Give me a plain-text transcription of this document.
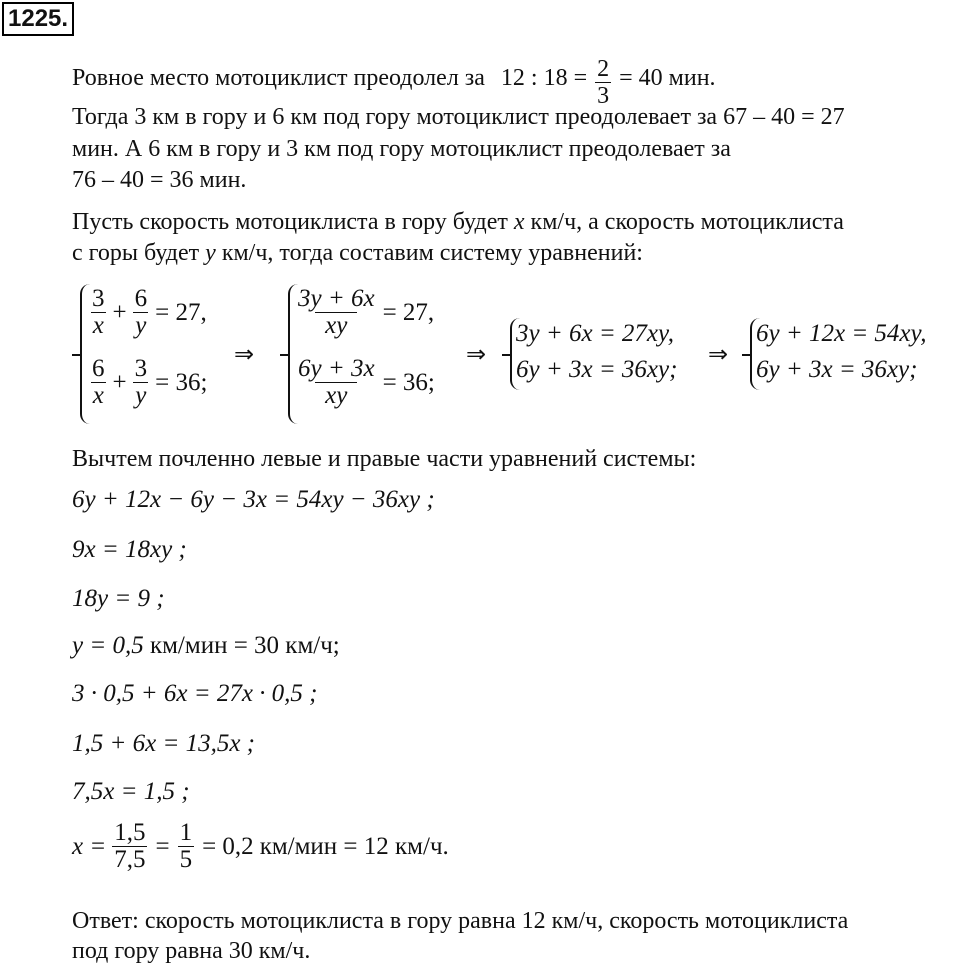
1225.
Ровное место мотоциклист преодолел за 12 : $18 = \frac{2}{3} = 40$ мин.
Тогда 3 км в гору и 6 км под гору мотоциклист преодолевает за 67 – 40 = 27
мин. А 6 км в гору и 3 км под гору мотоциклист преодолевает за
76 – 40 = 36 мин.
Пусть скорость мотоциклиста в гору будет x км/ч, а скорость мотоциклиста
с горы будет y км/ч, тогда составим систему уравнений:
$\frac{3}{x} + \frac{6}{y} = 27$,
$\frac{6}{x} + \frac{3}{y} = 36$;
⇒
$\frac{3y + 6x}{xy} = 27$,
$\frac{6y + 3x}{xy} = 36$;
⇒
3y + 6x = 27xy,
6y + 3x = 36xy;
⇒
6y + 12x = 54xy,
6y + 3x = 36xy;
Вычтем почленно левые и правые части уравнений системы:
6y + 12x − 6y − 3x = 54xy − 36xy ;
9x = 18xy ;
18y = 9 ;
y = 0,5 км/мин = 30 км/ч;
3 · 0,5 + 6x = 27x · 0,5 ;
1,5 + 6x = 13,5x ;
7,5x = 1,5 ;
$x = \frac{1,5}{7,5} = \frac{1}{5} = 0,2$ км/мин = 12 км/ч.
Ответ: скорость мотоциклиста в гору равна 12 км/ч, скорость мотоциклиста
под гору равна 30 км/ч.
